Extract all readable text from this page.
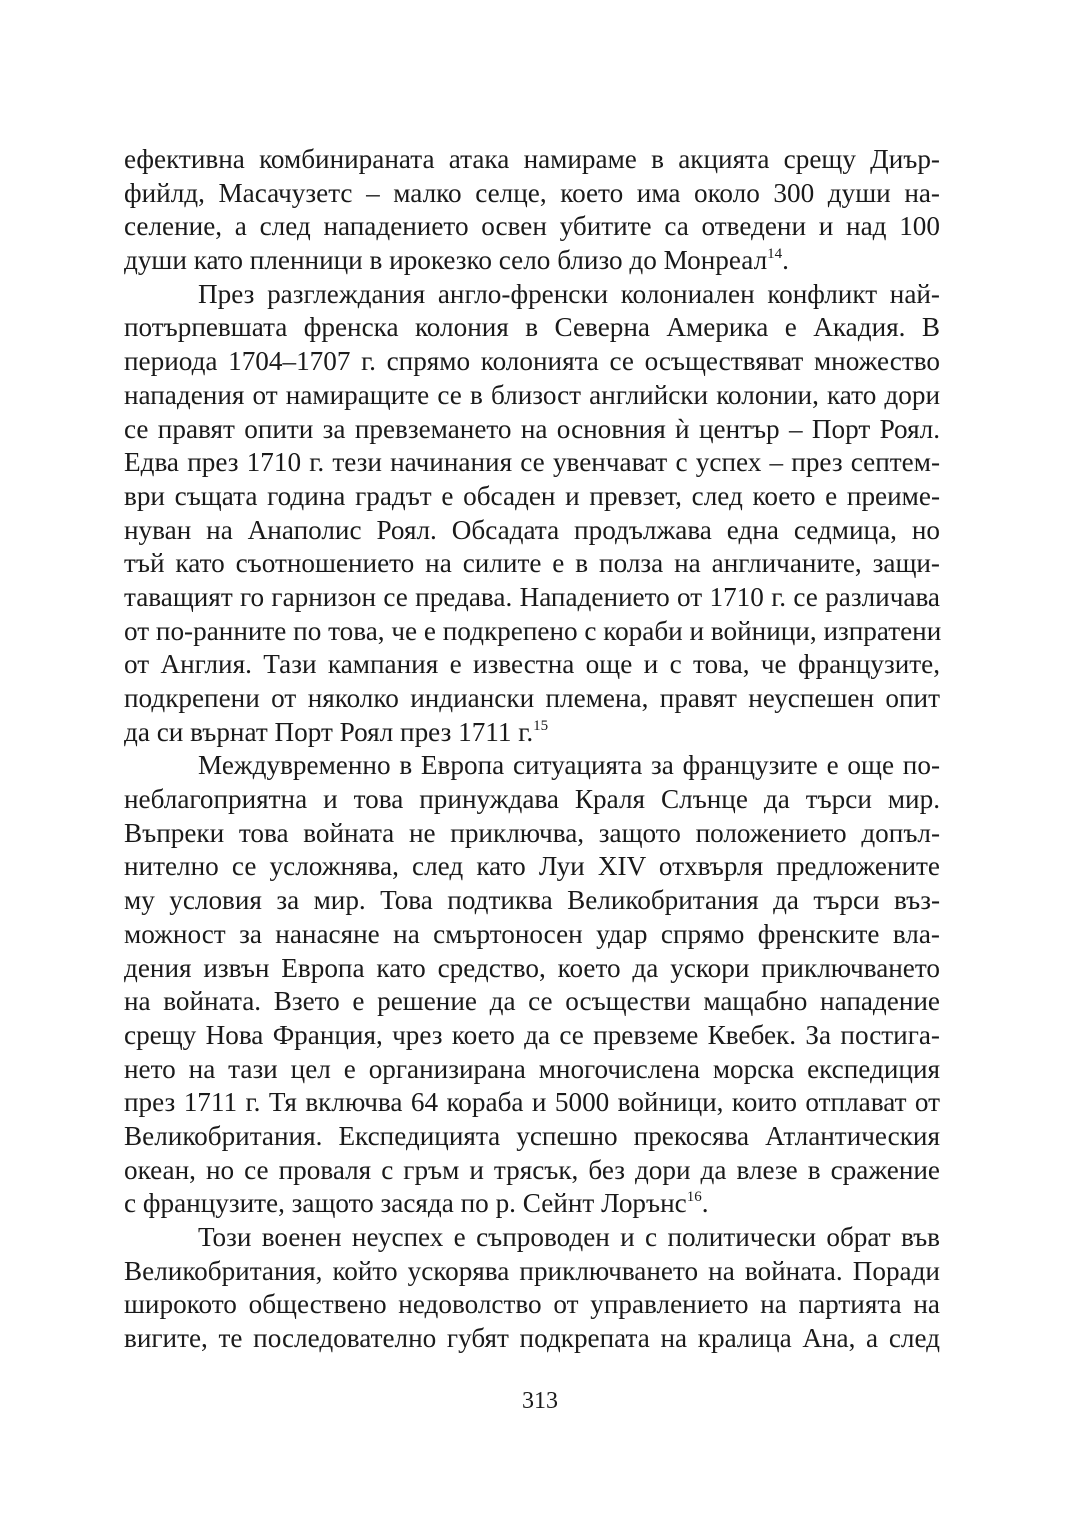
ефективна комбинираната атака намираме в акцията срещу Диър-
фийлд, Масачузетс – малко селце, което има около 300 души на-
селение, а след нападението освен убитите са отведени и над 100
души като пленници в ирокезко село близо до Монреал$^{14}$.
През разглеждания англо-френски колониален конфликт най-
потърпевшата френска колония в Северна Америка е Акадия. В
периода 1704–1707 г. спрямо колонията се осъществяват множество
нападения от намиращите се в близост английски колонии, като дори
се правят опити за превземането на основния ѝ център – Порт Роял.
Едва през 1710 г. тези начинания се увенчават с успех – през септем-
ври същата година градът е обсаден и превзет, след което е преиме-
нуван на Анаполис Роял. Обсадата продължава една седмица, но
тъй като съотношението на силите е в полза на англичаните, защи-
таващият го гарнизон се предава. Нападението от 1710 г. се различава
от по-ранните по това, че е подкрепено с кораби и войници, изпратени
от Англия. Тази кампания е известна още и с това, че французите,
подкрепени от няколко индиански племена, правят неуспешен опит
да си върнат Порт Роял през 1711 г.$^{15}$
Междувременно в Европа ситуацията за французите е още по-
неблагоприятна и това принуждава Краля Слънце да търси мир.
Въпреки това войната не приключва, защото положението допъл-
нително се усложнява, след като Луи XIV отхвърля предложените
му условия за мир. Това подтиква Великобритания да търси въз-
можност за нанасяне на смъртоносен удар спрямо френските вла-
дения извън Европа като средство, което да ускори приключването
на войната. Взето е решение да се осъществи мащабно нападение
срещу Нова Франция, чрез което да се превземе Квебек. За постига-
нето на тази цел е организирана многочислена морска експедиция
през 1711 г. Тя включва 64 кораба и 5000 войници, които отплават от
Великобритания. Експедицията успешно прекосява Атлантическия
океан, но се проваля с гръм и трясък, без дори да влезе в сражение
с французите, защото засяда по р. Сейнт Лорънс$^{16}$.
Този военен неуспех е съпроводен и с политически обрат във
Великобритания, който ускорява приключването на войната. Поради
широкото обществено недоволство от управлението на партията на
вигите, те последователно губят подкрепата на кралица Ана, а след
313
